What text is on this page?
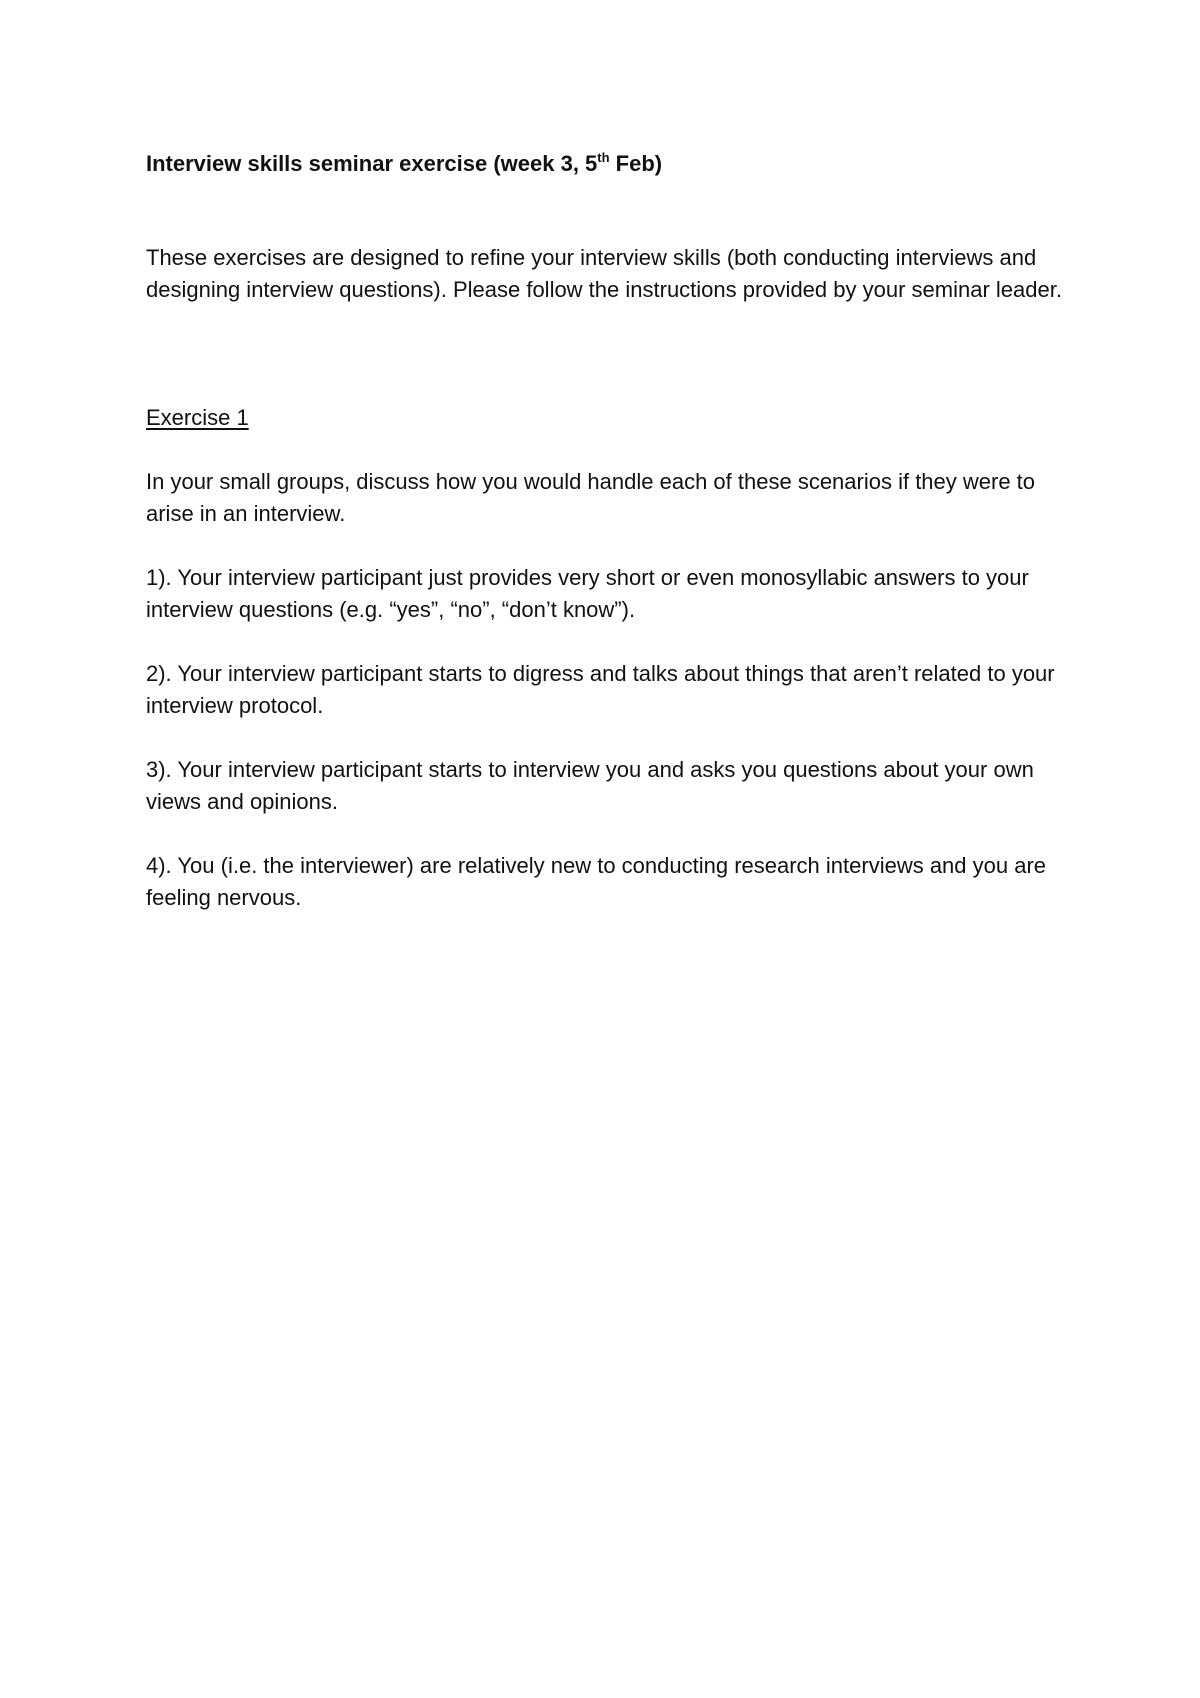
Interview skills seminar exercise (week 3, 5th Feb)

These exercises are designed to refine your interview skills (both conducting interviews and designing interview questions). Please follow the instructions provided by your seminar leader.

Exercise 1

In your small groups, discuss how you would handle each of these scenarios if they were to arise in an interview.

1). Your interview participant just provides very short or even monosyllabic answers to your interview questions (e.g. “yes”, “no”, “don’t know”).

2). Your interview participant starts to digress and talks about things that aren’t related to your interview protocol.

3). Your interview participant starts to interview you and asks you questions about your own views and opinions.

4). You (i.e. the interviewer) are relatively new to conducting research interviews and you are feeling nervous.
